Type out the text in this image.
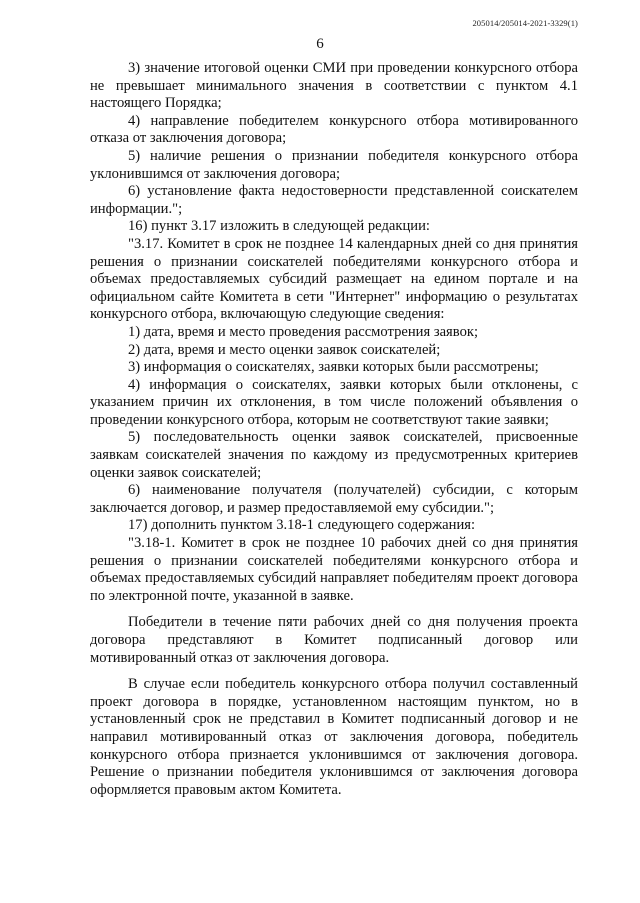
205014/205014-2021-3329(1)
6

3) значение итоговой оценки СМИ при проведении конкурсного отбора не превышает минимального значения в соответствии с пунктом 4.1 настоящего Порядка;

4) направление победителем конкурсного отбора мотивированного отказа от заключения договора;

5) наличие решения о признании победителя конкурсного отбора уклонившимся от заключения договора;

6) установление факта недостоверности представленной соискателем информации.";

16) пункт 3.17 изложить в следующей редакции:

"3.17. Комитет в срок не позднее 14 календарных дней со дня принятия решения о признании соискателей победителями конкурсного отбора и объемах предоставляемых субсидий размещает на едином портале и на официальном сайте Комитета в сети "Интернет" информацию о результатах конкурсного отбора, включающую следующие сведения:

1) дата, время и место проведения рассмотрения заявок;

2) дата, время и место оценки заявок соискателей;

3) информация о соискателях, заявки которых были рассмотрены;

4) информация о соискателях, заявки которых были отклонены, с указанием причин их отклонения, в том числе положений объявления о проведении конкурсного отбора, которым не соответствуют такие заявки;

5) последовательность оценки заявок соискателей, присвоенные заявкам соискателей значения по каждому из предусмотренных критериев оценки заявок соискателей;

6) наименование получателя (получателей) субсидии, с которым заключается договор, и размер предоставляемой ему субсидии.";

17) дополнить пунктом 3.18-1 следующего содержания:

"3.18-1. Комитет в срок не позднее 10 рабочих дней со дня принятия решения о признании соискателей победителями конкурсного отбора и объемах предоставляемых субсидий направляет победителям проект договора по электронной почте, указанной в заявке.

Победители в течение пяти рабочих дней со дня получения проекта договора представляют в Комитет подписанный договор или мотивированный отказ от заключения договора.

В случае если победитель конкурсного отбора получил составленный проект договора в порядке, установленном настоящим пунктом, но в установленный срок не представил в Комитет подписанный договор и не направил мотивированный отказ от заключения договора, победитель конкурсного отбора признается уклонившимся от заключения договора. Решение о признании победителя уклонившимся от заключения договора оформляется правовым актом Комитета.
